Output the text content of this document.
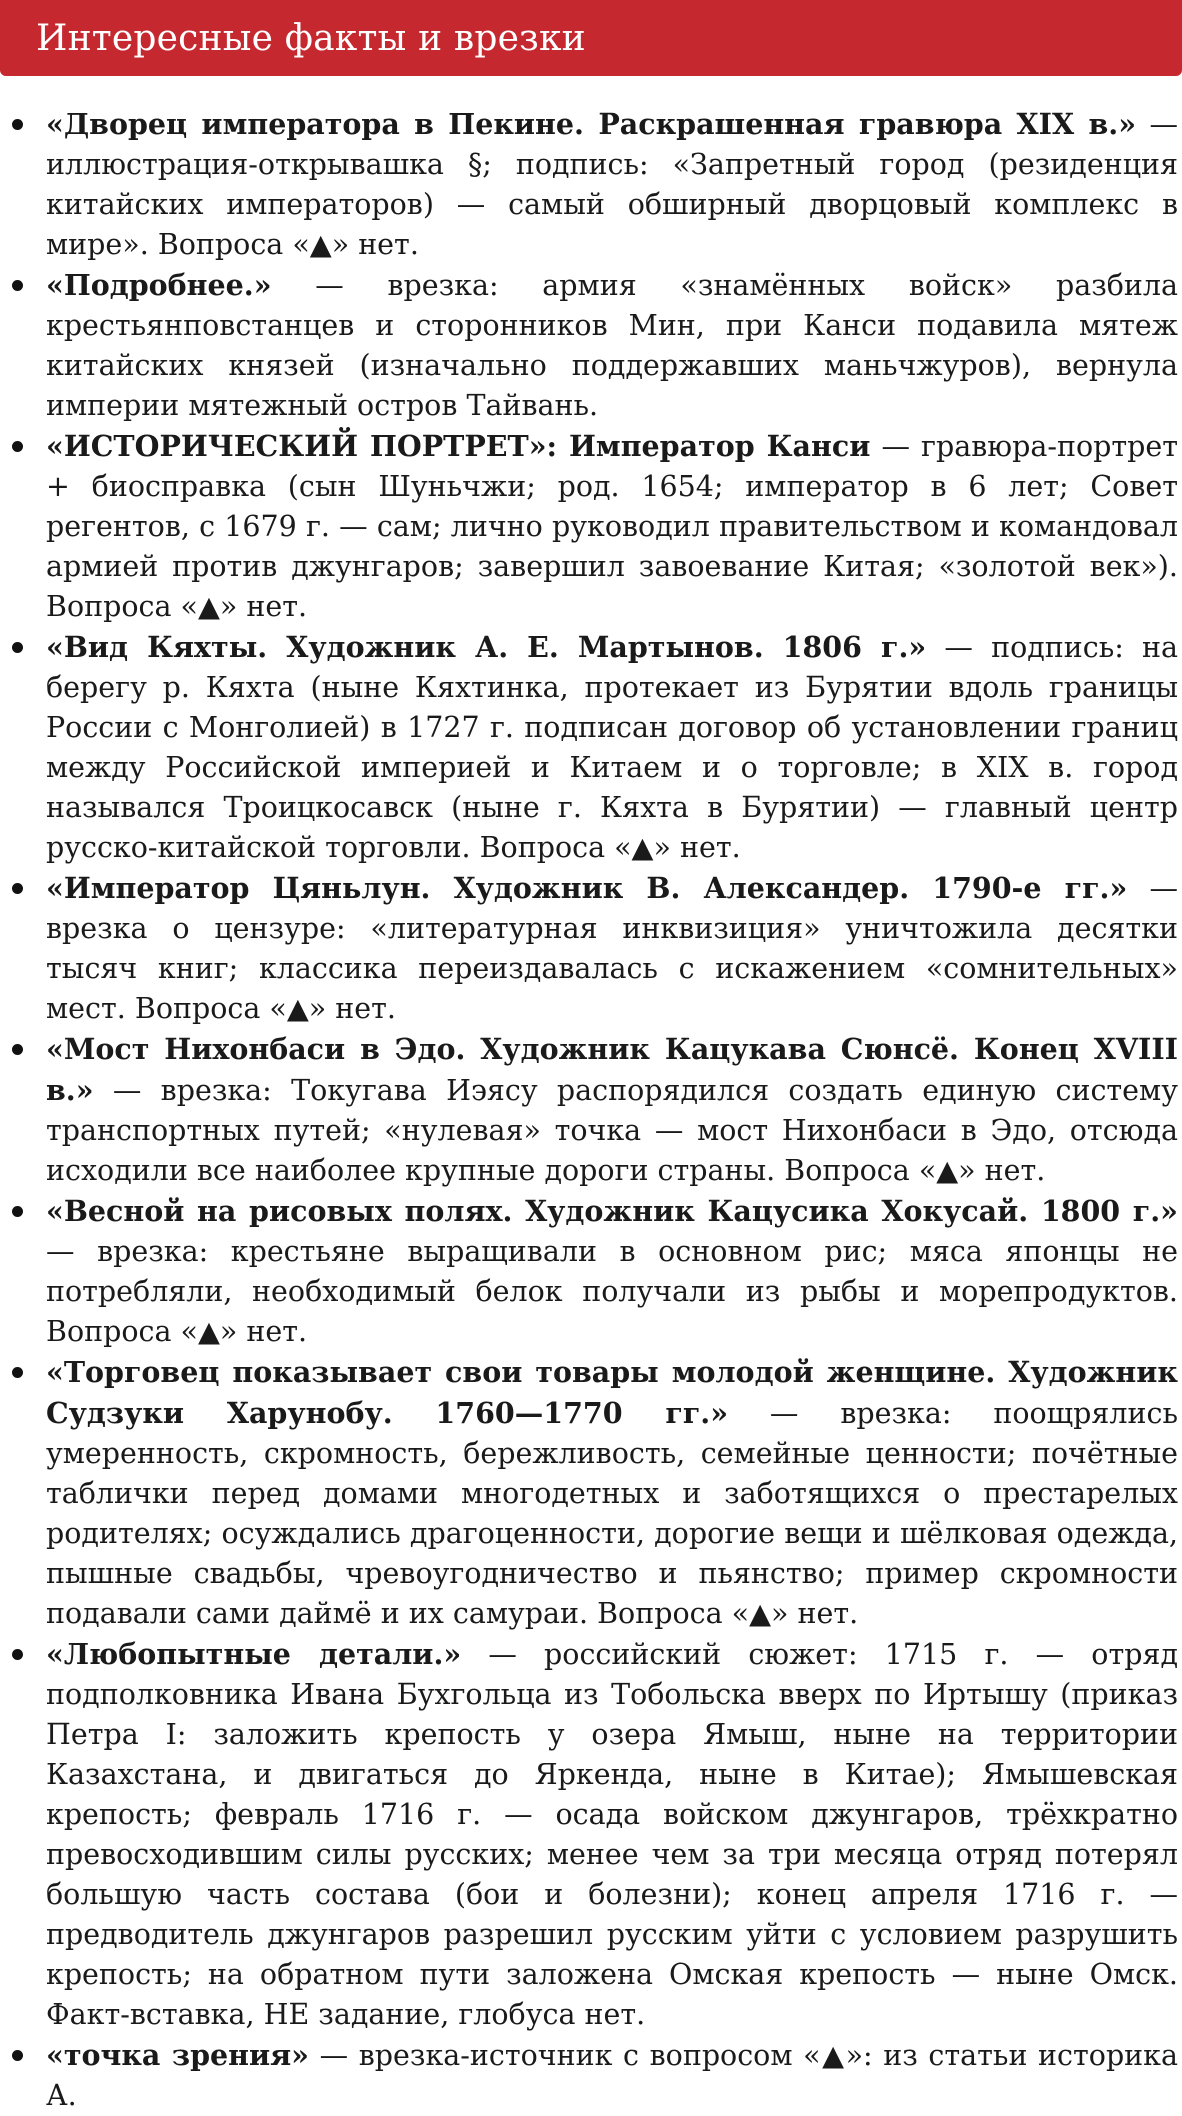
Интересные факты и врезки
«Дворец императора в Пекине. Раскрашенная гравюра XIX в.» — иллюстрация-открывашка §; подпись: «Запретный город (резиденция китайских императоров) — самый обширный дворцовый комплекс в мире». Вопроса «▲» нет.
«Подробнее.» — врезка: армия «знамённых войск» разбила крестьянповстанцев и сторонников Мин, при Канси подавила мятеж китайских князей (изначально поддержавших маньчжуров), вернула империи мятежный остров Тайвань.
«ИСТОРИЧЕСКИЙ ПОРТРЕТ»: Император Канси — гравюра-портрет + биосправка (сын Шуньчжи; род. 1654; император в 6 лет; Совет регентов, с 1679 г. — сам; лично руководил правительством и командовал армией против джунгаров; завершил завоевание Китая; «золотой век»). Вопроса «▲» нет.
«Вид Кяхты. Художник А. Е. Мартынов. 1806 г.» — подпись: на берегу р. Кяхта (ныне Кяхтинка, протекает из Бурятии вдоль границы России с Монголией) в 1727 г. подписан договор об установлении границ между Российской империей и Китаем и о торговле; в XIX в. город назывался Троицкосавск (ныне г. Кяхта в Бурятии) — главный центр русско-китайской торговли. Вопроса «▲» нет.
«Император Цяньлун. Художник В. Александер. 1790-е гг.» — врезка о цензуре: «литературная инквизиция» уничтожила десятки тысяч книг; классика переиздавалась с искажением «сомнительных» мест. Вопроса «▲» нет.
«Мост Нихонбаси в Эдо. Художник Кацукава Сюнсё. Конец XVIII в.» — врезка: Токугава Иэясу распорядился создать единую систему транспортных путей; «нулевая» точка — мост Нихонбаси в Эдо, отсюда исходили все наиболее крупные дороги страны. Вопроса «▲» нет.
«Весной на рисовых полях. Художник Кацусика Хокусай. 1800 г.» — врезка: крестьяне выращивали в основном рис; мяса японцы не потребляли, необходимый белок получали из рыбы и морепродуктов. Вопроса «▲» нет.
«Торговец показывает свои товары молодой женщине. Художник Судзуки Харунобу. 1760—1770 гг.» — врезка: поощрялись умеренность, скромность, бережливость, семейные ценности; почётные таблички перед домами многодетных и заботящихся о престарелых родителях; осуждались драгоценности, дорогие вещи и шёлковая одежда, пышные свадьбы, чревоугодничество и пьянство; пример скромности подавали сами даймё и их самураи. Вопроса «▲» нет.
«Любопытные детали.» — российский сюжет: 1715 г. — отряд подполковника Ивана Бухгольца из Тобольска вверх по Иртышу (приказ Петра I: заложить крепость у озера Ямыш, ныне на территории Казахстана, и двигаться до Яркенда, ныне в Китае); Ямышевская крепость; февраль 1716 г. — осада войском джунгаров, трёхкратно превосходившим силы русских; менее чем за три месяца отряд потерял большую часть состава (бои и болезни); конец апреля 1716 г. — предводитель джунгаров разрешил русским уйти с условием разрушить крепость; на обратном пути заложена Омская крепость — ныне Омск. Факт-вставка, НЕ задание, глобуса нет.
«точка зрения» — врезка-источник с вопросом «▲»: из статьи историка А.
